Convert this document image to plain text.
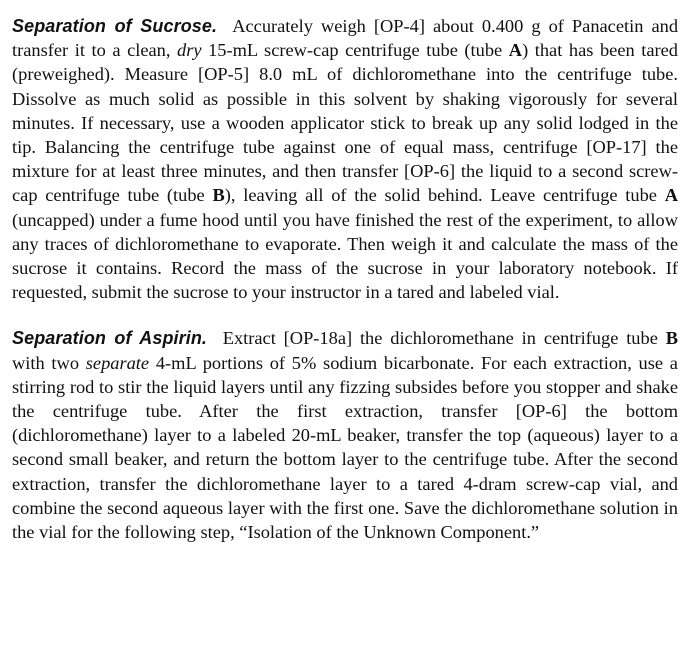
Separation of Sucrose. Accurately weigh [OP-4] about 0.400 g of Panacetin and transfer it to a clean, dry 15-mL screw-cap centrifuge tube (tube A) that has been tared (preweighed). Measure [OP-5] 8.0 mL of dichloromethane into the centrifuge tube. Dissolve as much solid as possible in this solvent by shaking vigorously for several minutes. If necessary, use a wooden applicator stick to break up any solid lodged in the tip. Balancing the centrifuge tube against one of equal mass, centrifuge [OP-17] the mixture for at least three minutes, and then transfer [OP-6] the liquid to a second screw-cap centrifuge tube (tube B), leaving all of the solid behind. Leave centrifuge tube A (uncapped) under a fume hood until you have finished the rest of the experiment, to allow any traces of dichloromethane to evaporate. Then weigh it and calculate the mass of the sucrose it contains. Record the mass of the sucrose in your laboratory notebook. If requested, submit the sucrose to your instructor in a tared and labeled vial.

Separation of Aspirin. Extract [OP-18a] the dichloromethane in centrifuge tube B with two separate 4-mL portions of 5% sodium bicarbonate. For each extraction, use a stirring rod to stir the liquid layers until any fizzing subsides before you stopper and shake the centrifuge tube. After the first extraction, transfer [OP-6] the bottom (dichloromethane) layer to a labeled 20-mL beaker, transfer the top (aqueous) layer to a second small beaker, and return the bottom layer to the centrifuge tube. After the second extraction, transfer the dichloromethane layer to a tared 4-dram screw-cap vial, and combine the second aqueous layer with the first one. Save the dichloromethane solution in the vial for the following step, “Isolation of the Unknown Component.”
